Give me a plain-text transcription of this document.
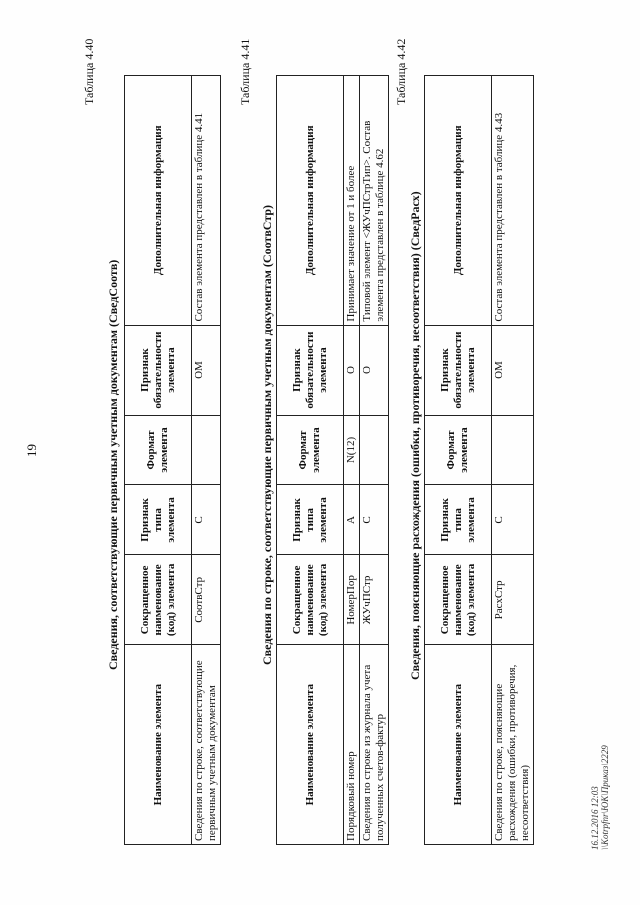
19
Таблица 4.40
Сведения, соответствующие первичным учетным документам (СведСоотв)
Наименование элемента	Сокращенное наименование (код) элемента	Признак типа элемента	Формат элемента	Признак обязательности элемента	Дополнительная информация
Сведения по строке, соответствующие первичным учетным документам	СоотвСтр	С		ОМ	Состав элемента представлен в таблице 4.41
Таблица 4.41
Сведения по строке, соответствующие первичным учетным документам (СоотвСтр)
Наименование элемента	Сокращенное наименование (код) элемента	Признак типа элемента	Формат элемента	Признак обязательности элемента	Дополнительная информация
Порядковый номер	НомерПор	А	N(12)	О	Принимает значение от 1 и более
Сведения по строке из журнала учета полученных счетов-фактур	ЖУчПСтр	С		О	Типовой элемент <ЖУчПСтрТип>. Состав элемента представлен в таблице 4.62
Таблица 4.42
Сведения, поясняющие расхождения (ошибки, противоречия, несоответствия) (СведРасх)
Наименование элемента	Сокращенное наименование (код) элемента	Признак типа элемента	Формат элемента	Признак обязательности элемента	Дополнительная информация
Сведения по строке, поясняющие расхождения (ошибки, противоречия, несоответствия)	РасхСтр	С		ОМ	Состав элемента представлен в таблице 4.43
16.12.2016 12:03 \\Kotrpfnr\ЮК\Приказ\2229
